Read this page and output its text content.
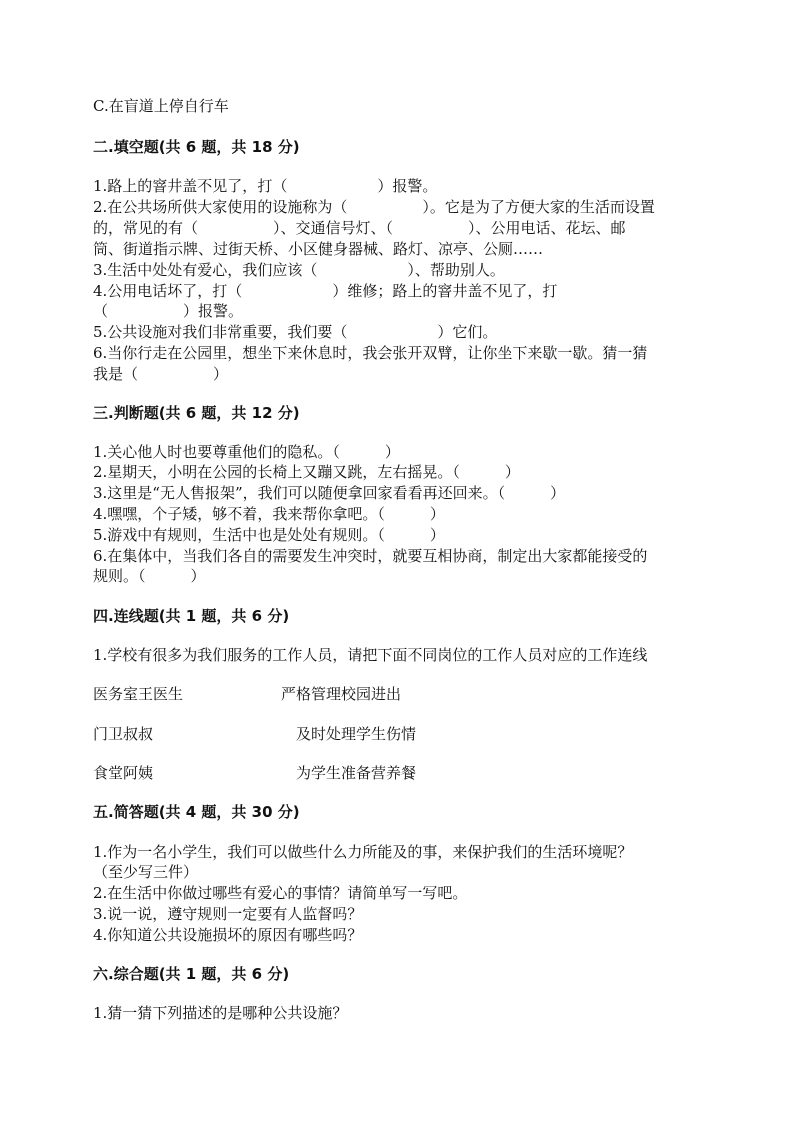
C.在盲道上停自行车
二.填空题(共 6 题，共 18 分)
1.路上的窨井盖不见了，打（　　　　　　）报警。
2.在公共场所供大家使用的设施称为（　　　　　）。它是为了方便大家的生活而设置
的，常见的有（　　　　　）、交通信号灯、（　　　　　）、公用电话、花坛、邮
筒、街道指示牌、过街天桥、小区健身器械、路灯、凉亭、公厕……
3.生活中处处有爱心，我们应该（　　　　　　）、帮助别人。
4.公用电话坏了，打（　　　　　　）维修；路上的窨井盖不见了，打
（　　　　　）报警。
5.公共设施对我们非常重要，我们要（　　　　　　）它们。
6.当你行走在公园里，想坐下来休息时，我会张开双臂，让你坐下来歇一歇。猜一猜
我是（　　　　　）
三.判断题(共 6 题，共 12 分)
1.关心他人时也要尊重他们的隐私。（　　　）
2.星期天，小明在公园的长椅上又蹦又跳，左右摇晃。（　　　）
3.这里是“无人售报架”，我们可以随便拿回家看看再还回来。（　　　）
4.嘿嘿，个子矮，够不着，我来帮你拿吧。（　　　）
5.游戏中有规则，生活中也是处处有规则。（　　　）
6.在集体中，当我们各自的需要发生冲突时，就要互相协商，制定出大家都能接受的
规则。（　　　）
四.连线题(共 1 题，共 6 分)
1.学校有很多为我们服务的工作人员，请把下面不同岗位的工作人员对应的工作连线
医务室王医生	严格管理校园进出
门卫叔叔	及时处理学生伤情
食堂阿姨	为学生准备营养餐
五.简答题(共 4 题，共 30 分)
1.作为一名小学生，我们可以做些什么力所能及的事，来保护我们的生活环境呢？
（至少写三件）
2.在生活中你做过哪些有爱心的事情？请简单写一写吧。
3.说一说，遵守规则一定要有人监督吗？
4.你知道公共设施损坏的原因有哪些吗？
六.综合题(共 1 题，共 6 分)
1.猜一猜下列描述的是哪种公共设施？
